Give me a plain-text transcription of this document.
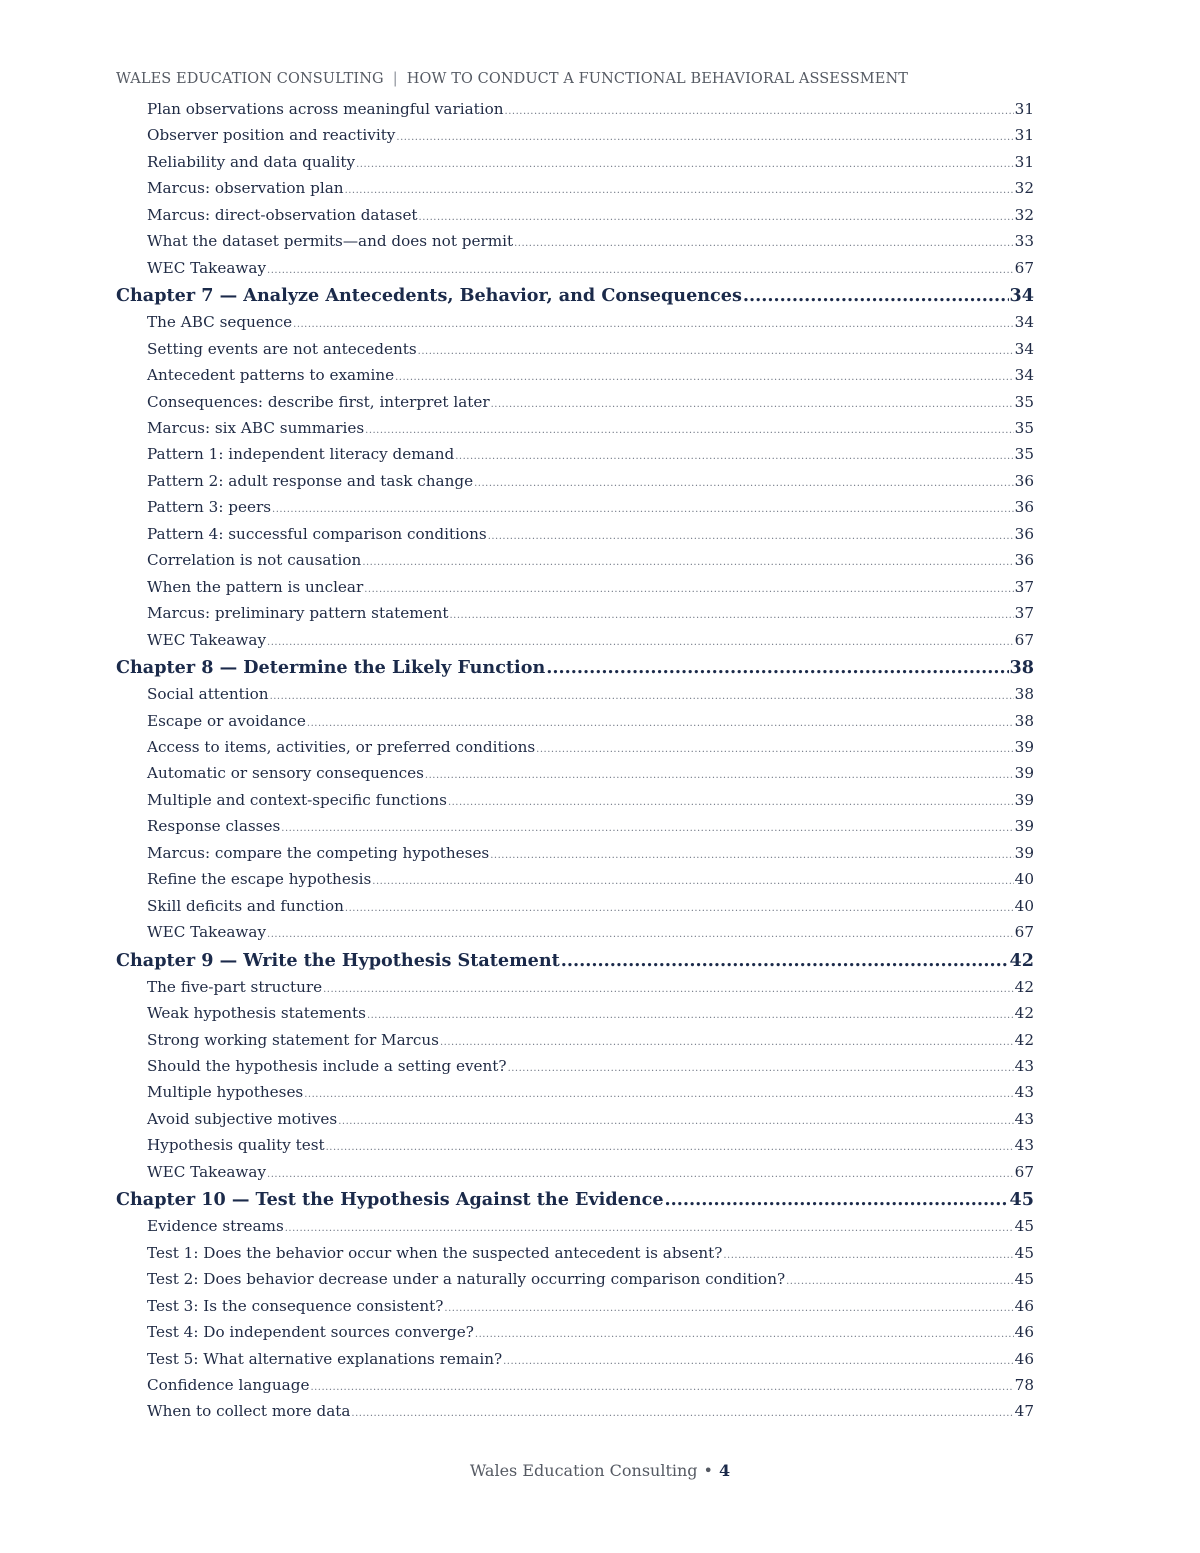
WALES EDUCATION CONSULTING | HOW TO CONDUCT A FUNCTIONAL BEHAVIORAL ASSESSMENT
Plan observations across meaningful variation .....	31
Observer position and reactivity .....	31
Reliability and data quality .....	31
Marcus: observation plan .....	32
Marcus: direct-observation dataset .....	32
What the dataset permits—and does not permit .....	33
WEC Takeaway .....	67
Chapter 7 — Analyze Antecedents, Behavior, and Consequences .....	34
The ABC sequence .....	34
Setting events are not antecedents .....	34
Antecedent patterns to examine .....	34
Consequences: describe first, interpret later .....	35
Marcus: six ABC summaries .....	35
Pattern 1: independent literacy demand .....	35
Pattern 2: adult response and task change .....	36
Pattern 3: peers .....	36
Pattern 4: successful comparison conditions .....	36
Correlation is not causation .....	36
When the pattern is unclear .....	37
Marcus: preliminary pattern statement .....	37
WEC Takeaway .....	67
Chapter 8 — Determine the Likely Function .....	38
Social attention .....	38
Escape or avoidance .....	38
Access to items, activities, or preferred conditions .....	39
Automatic or sensory consequences .....	39
Multiple and context-specific functions .....	39
Response classes .....	39
Marcus: compare the competing hypotheses .....	39
Refine the escape hypothesis .....	40
Skill deficits and function .....	40
WEC Takeaway .....	67
Chapter 9 — Write the Hypothesis Statement .....	42
The five-part structure .....	42
Weak hypothesis statements .....	42
Strong working statement for Marcus .....	42
Should the hypothesis include a setting event? .....	43
Multiple hypotheses .....	43
Avoid subjective motives .....	43
Hypothesis quality test .....	43
WEC Takeaway .....	67
Chapter 10 — Test the Hypothesis Against the Evidence .....	45
Evidence streams .....	45
Test 1: Does the behavior occur when the suspected antecedent is absent? .....	45
Test 2: Does behavior decrease under a naturally occurring comparison condition? .....	45
Test 3: Is the consequence consistent? .....	46
Test 4: Do independent sources converge? .....	46
Test 5: What alternative explanations remain? .....	46
Confidence language .....	78
When to collect more data .....	47
Wales Education Consulting • 4
